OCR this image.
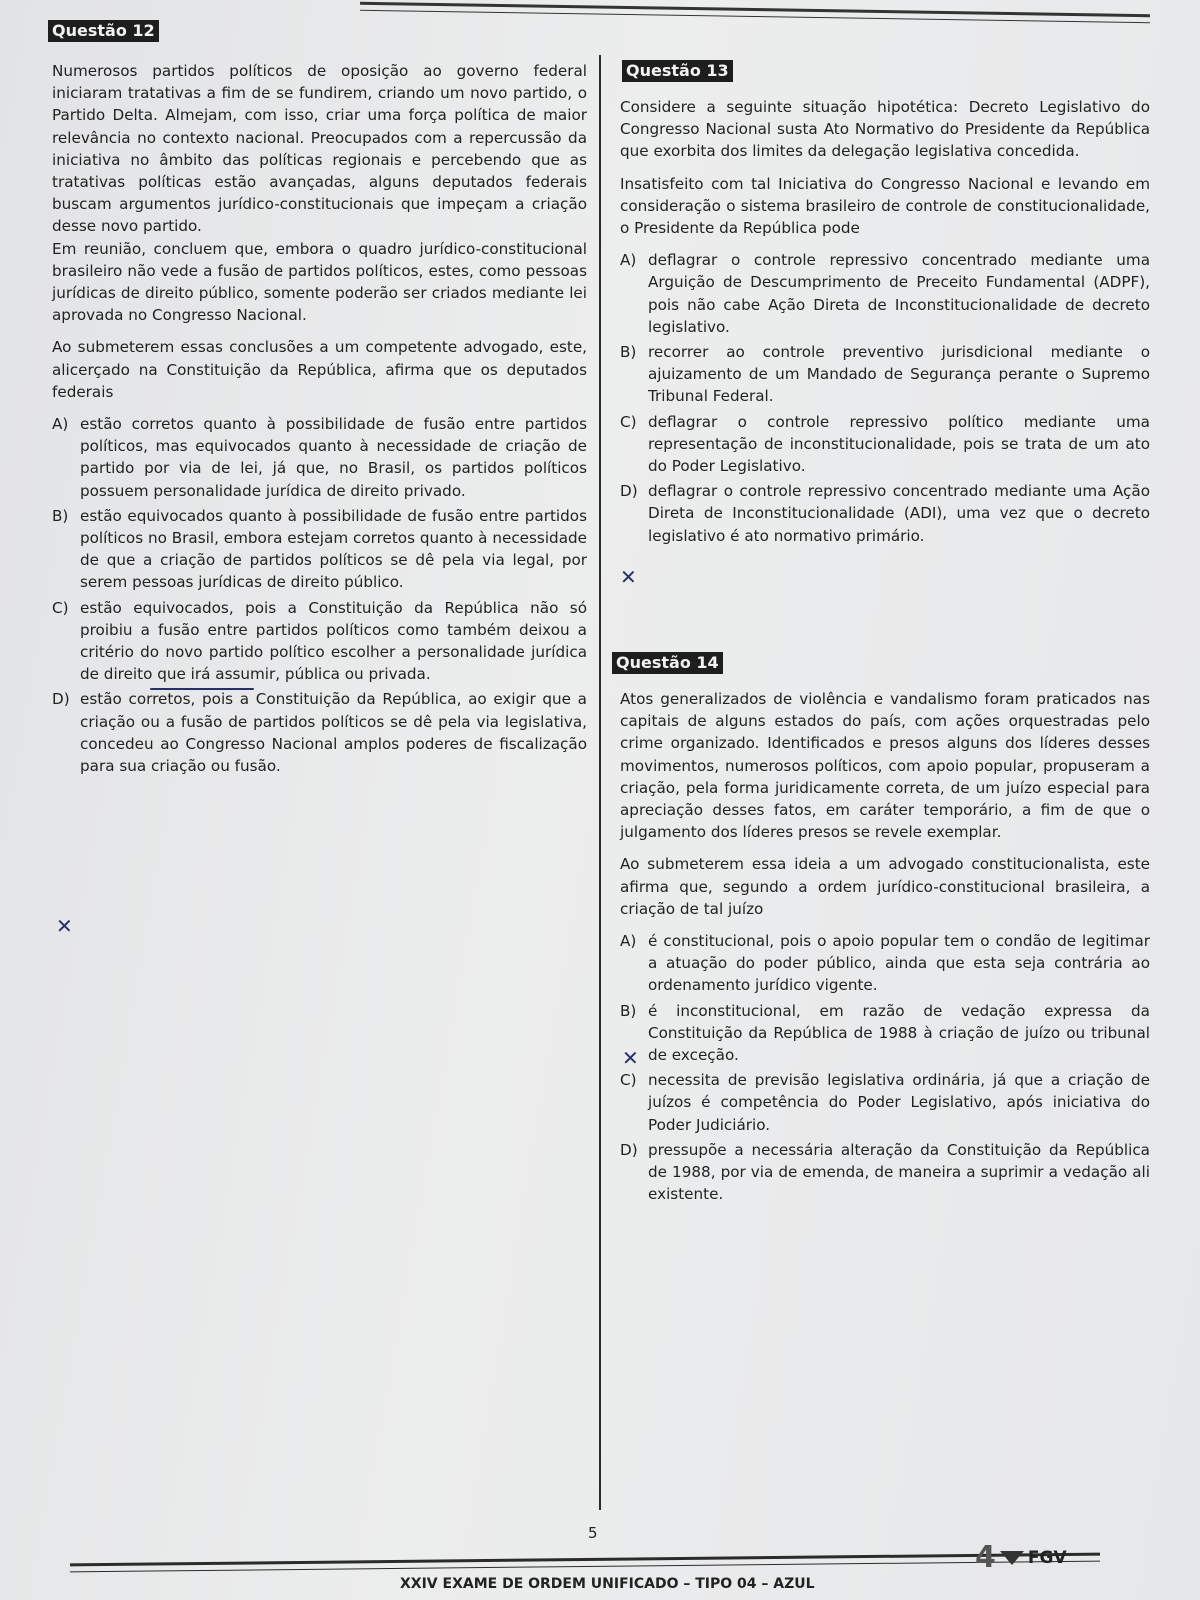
Questão 12

Numerosos partidos políticos de oposição ao governo federal iniciaram tratativas a fim de se fundirem, criando um novo partido, o Partido Delta. Almejam, com isso, criar uma força política de maior relevância no contexto nacional. Preocupados com a repercussão da iniciativa no âmbito das políticas regionais e percebendo que as tratativas políticas estão avançadas, alguns deputados federais buscam argumentos jurídico-constitucionais que impeçam a criação desse novo partido.

Em reunião, concluem que, embora o quadro jurídico-constitucional brasileiro não vede a fusão de partidos políticos, estes, como pessoas jurídicas de direito público, somente poderão ser criados mediante lei aprovada no Congresso Nacional.

Ao submeterem essas conclusões a um competente advogado, este, alicerçado na Constituição da República, afirma que os deputados federais

A) estão corretos quanto à possibilidade de fusão entre partidos políticos, mas equivocados quanto à necessidade de criação de partido por via de lei, já que, no Brasil, os partidos políticos possuem personalidade jurídica de direito privado.
B) estão equivocados quanto à possibilidade de fusão entre partidos políticos no Brasil, embora estejam corretos quanto à necessidade de que a criação de partidos políticos se dê pela via legal, por serem pessoas jurídicas de direito público.
C) estão equivocados, pois a Constituição da República não só proibiu a fusão entre partidos políticos como também deixou a critério do novo partido político escolher a personalidade jurídica de direito que irá assumir, pública ou privada.
D) estão corretos, pois a Constituição da República, ao exigir que a criação ou a fusão de partidos políticos se dê pela via legislativa, concedeu ao Congresso Nacional amplos poderes de fiscalização para sua criação ou fusão.
Questão 13

Considere a seguinte situação hipotética: Decreto Legislativo do Congresso Nacional susta Ato Normativo do Presidente da República que exorbita dos limites da delegação legislativa concedida.

Insatisfeito com tal Iniciativa do Congresso Nacional e levando em consideração o sistema brasileiro de controle de constitucionalidade, o Presidente da República pode

A) deflagrar o controle repressivo concentrado mediante uma Arguição de Descumprimento de Preceito Fundamental (ADPF), pois não cabe Ação Direta de Inconstitucionalidade de decreto legislativo.
B) recorrer ao controle preventivo jurisdicional mediante o ajuizamento de um Mandado de Segurança perante o Supremo Tribunal Federal.
C) deflagrar o controle repressivo político mediante uma representação de inconstitucionalidade, pois se trata de um ato do Poder Legislativo.
D) deflagrar o controle repressivo concentrado mediante uma Ação Direta de Inconstitucionalidade (ADI), uma vez que o decreto legislativo é ato normativo primário.
Questão 14

Atos generalizados de violência e vandalismo foram praticados nas capitais de alguns estados do país, com ações orquestradas pelo crime organizado. Identificados e presos alguns dos líderes desses movimentos, numerosos políticos, com apoio popular, propuseram a criação, pela forma juridicamente correta, de um juízo especial para apreciação desses fatos, em caráter temporário, a fim de que o julgamento dos líderes presos se revele exemplar.

Ao submeterem essa ideia a um advogado constitucionalista, este afirma que, segundo a ordem jurídico-constitucional brasileira, a criação de tal juízo

A) é constitucional, pois o apoio popular tem o condão de legitimar a atuação do poder público, ainda que esta seja contrária ao ordenamento jurídico vigente.
B) é inconstitucional, em razão de vedação expressa da Constituição da República de 1988 à criação de juízo ou tribunal de exceção.
C) necessita de previsão legislativa ordinária, já que a criação de juízos é competência do Poder Legislativo, após iniciativa do Poder Judiciário.
D) pressupõe a necessária alteração da Constituição da República de 1988, por via de emenda, de maneira a suprimir a vedação ali existente.
✕
✕
✕
5
XXIV EXAME DE ORDEM UNIFICADO – TIPO 04 – AZUL
4 FGV
